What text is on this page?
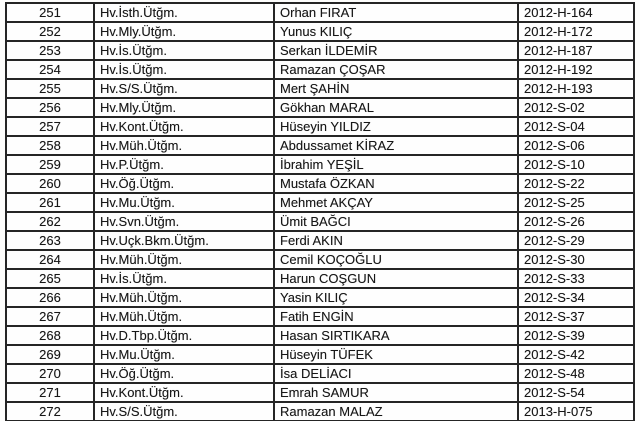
251	Hv.İsth.Ütğm.	Orhan FIRAT	2012-H-164
252	Hv.Mly.Ütğm.	Yunus KILIÇ	2012-H-172
253	Hv.İs.Ütğm.	Serkan İLDEMİR	2012-H-187
254	Hv.İs.Ütğm.	Ramazan ÇOŞAR	2012-H-192
255	Hv.S/S.Ütğm.	Mert ŞAHİN	2012-H-193
256	Hv.Mly.Ütğm.	Gökhan MARAL	2012-S-02
257	Hv.Kont.Ütğm.	Hüseyin YILDIZ	2012-S-04
258	Hv.Müh.Ütğm.	Abdussamet KİRAZ	2012-S-06
259	Hv.P.Ütğm.	İbrahim YEŞİL	2012-S-10
260	Hv.Öğ.Ütğm.	Mustafa ÖZKAN	2012-S-22
261	Hv.Mu.Ütğm.	Mehmet AKÇAY	2012-S-25
262	Hv.Svn.Ütğm.	Ümit BAĞCI	2012-S-26
263	Hv.Uçk.Bkm.Ütğm.	Ferdi AKIN	2012-S-29
264	Hv.Müh.Ütğm.	Cemil KOÇOĞLU	2012-S-30
265	Hv.İs.Ütğm.	Harun COŞGUN	2012-S-33
266	Hv.Müh.Ütğm.	Yasin KILIÇ	2012-S-34
267	Hv.Müh.Ütğm.	Fatih ENGİN	2012-S-37
268	Hv.D.Tbp.Ütğm.	Hasan SIRTIKARA	2012-S-39
269	Hv.Mu.Ütğm.	Hüseyin TÜFEK	2012-S-42
270	Hv.Öğ.Ütğm.	İsa DELİACI	2012-S-48
271	Hv.Kont.Ütğm.	Emrah SAMUR	2012-S-54
272	Hv.S/S.Ütğm.	Ramazan MALAZ	2013-H-075
